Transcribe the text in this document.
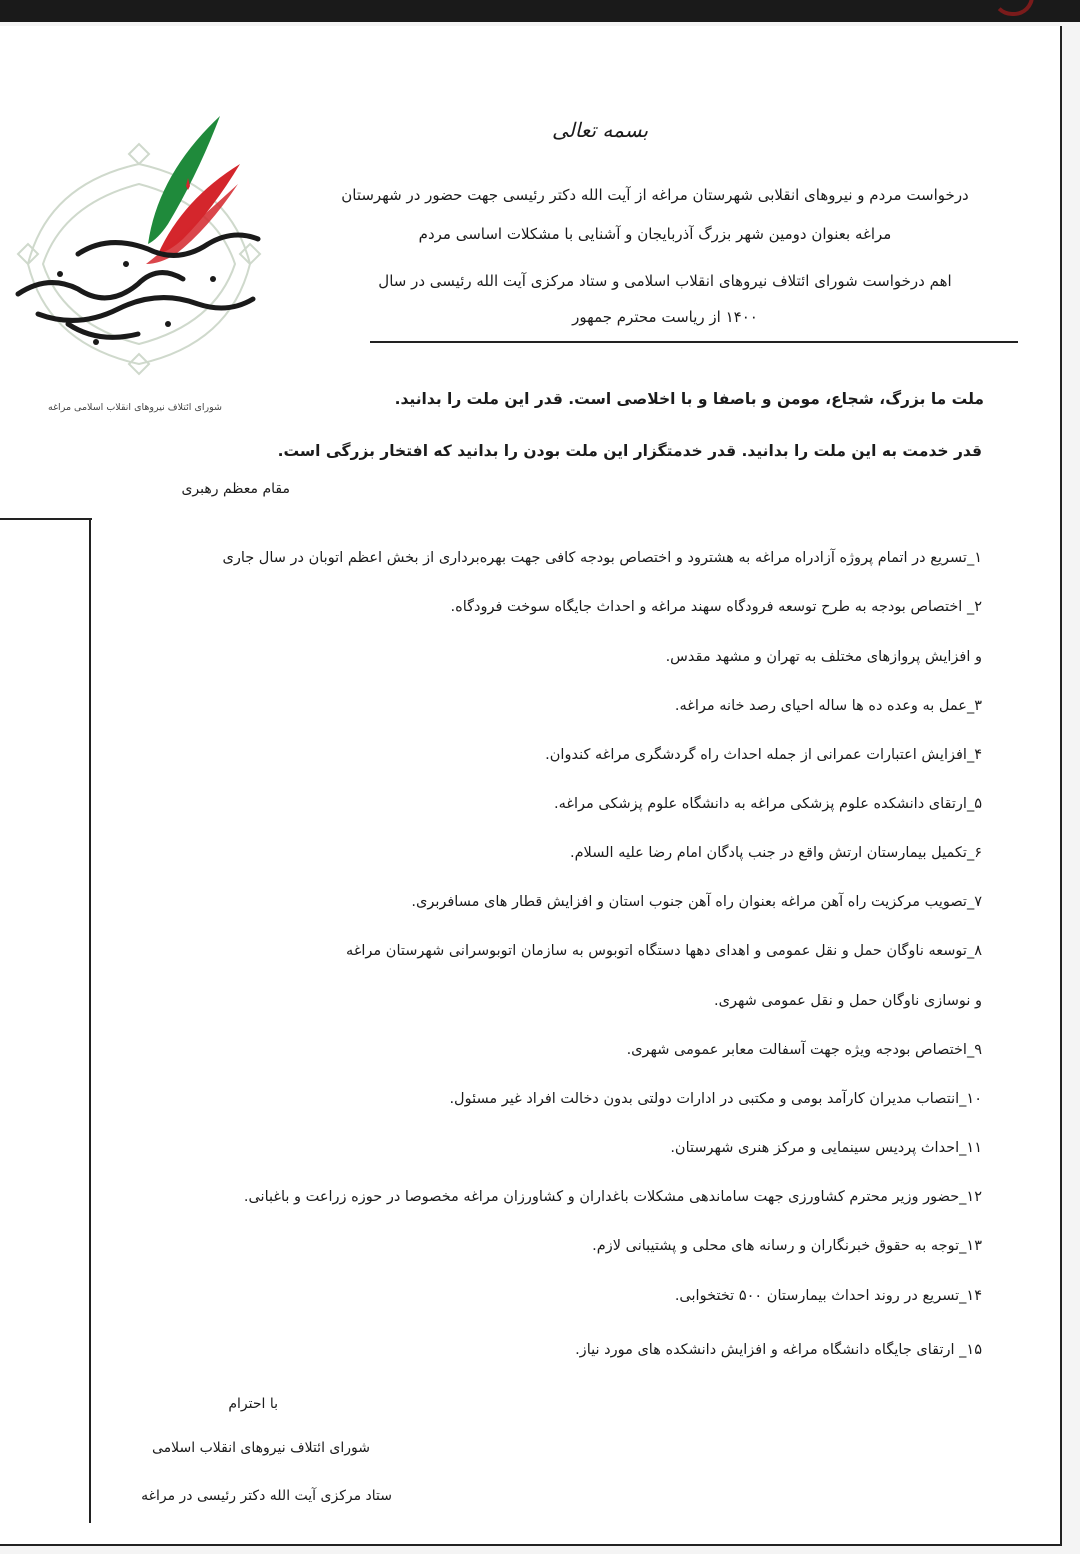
شورای ائتلاف نیروهای انقلاب اسلامی مراغه
بسمه تعالی
درخواست مردم و نیروهای انقلابی شهرستان مراغه از آیت الله دکتر رئیسی جهت حضور در شهرستان
مراغه بعنوان دومین شهر بزرگ آذربایجان و آشنایی با مشکلات اساسی مردم
اهم درخواست شورای ائتلاف نیروهای انقلاب اسلامی و ستاد مرکزی آیت الله رئیسی در سال
۱۴۰۰ از ریاست محترم جمهور
ملت ما بزرگ، شجاع، مومن و باصفا و با اخلاصی است. قدر این ملت را بدانید.
قدر خدمت به این ملت را بدانید. قدر خدمتگزار این ملت بودن را بدانید که افتخار بزرگی است.
مقام معظم رهبری
۱_تسریع در اتمام پروژه آزادراه مراغه به هشترود و اختصاص بودجه کافی جهت بهره‌برداری از بخش اعظم اتوبان در سال جاری
۲_ اختصاص بودجه به طرح توسعه فرودگاه سهند مراغه و احداث جایگاه سوخت فرودگاه.
و افزایش پروازهای مختلف به تهران و مشهد مقدس.
۳_عمل به وعده ده ها ساله احیای رصد خانه مراغه.
۴_افزایش اعتبارات عمرانی از جمله احداث راه گردشگری مراغه کندوان.
۵_ارتقای دانشکده علوم پزشکی مراغه به دانشگاه علوم پزشکی مراغه.
۶_تکمیل بیمارستان ارتش واقع در جنب پادگان امام رضا علیه السلام.
۷_تصویب مرکزیت راه آهن مراغه بعنوان راه آهن جنوب استان و افزایش قطار های مسافربری.
۸_توسعه ناوگان حمل و نقل عمومی و اهدای دهها دستگاه اتوبوس به سازمان اتوبوسرانی شهرستان مراغه
و نوسازی ناوگان حمل و نقل عمومی شهری.
۹_اختصاص بودجه ویژه جهت آسفالت معابر عمومی شهری.
۱۰_انتصاب مدیران کارآمد بومی و مکتبی در ادارات دولتی بدون دخالت افراد غیر مسئول.
۱۱_احداث پردیس سینمایی و مرکز هنری شهرستان.
۱۲_حضور وزیر محترم کشاورزی جهت ساماندهی مشکلات باغداران و کشاورزان مراغه مخصوصا در حوزه زراعت و باغبانی.
۱۳_توجه به حقوق خبرنگاران و رسانه های محلی و پشتیبانی لازم.
۱۴_تسریع در روند احداث بیمارستان ۵۰۰ تختخوابی.
۱۵_ ارتقای جایگاه دانشگاه مراغه و افزایش دانشکده های مورد نیاز.
با احترام
شورای ائتلاف نیروهای انقلاب اسلامی
ستاد مرکزی آیت الله دکتر رئیسی در مراغه
